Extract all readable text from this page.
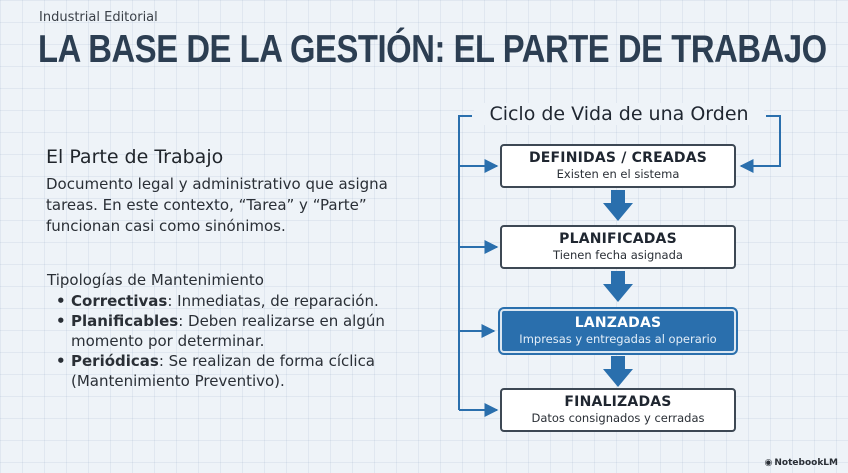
Industrial Editorial
LA BASE DE LA GESTIÓN: EL PARTE DE TRABAJO
El Parte de Trabajo

Documento legal y administrativo que asigna tareas. En este contexto, “Tarea” y “Parte” funcionan casi como sinónimos.

Tipologías de Mantenimiento
• Correctivas: Inmediatas, de reparación.
• Planificables: Deben realizarse en algún momento por determinar.
• Periódicas: Se realizan de forma cíclica (Mantenimiento Preventivo).
Ciclo de Vida de una Orden
DEFINIDAS / CREADAS
Existen en el sistema
PLANIFICADAS
Tienen fecha asignada
LANZADAS
Impresas y entregadas al operario
FINALIZADAS
Datos consignados y cerradas
◉ NotebookLM
